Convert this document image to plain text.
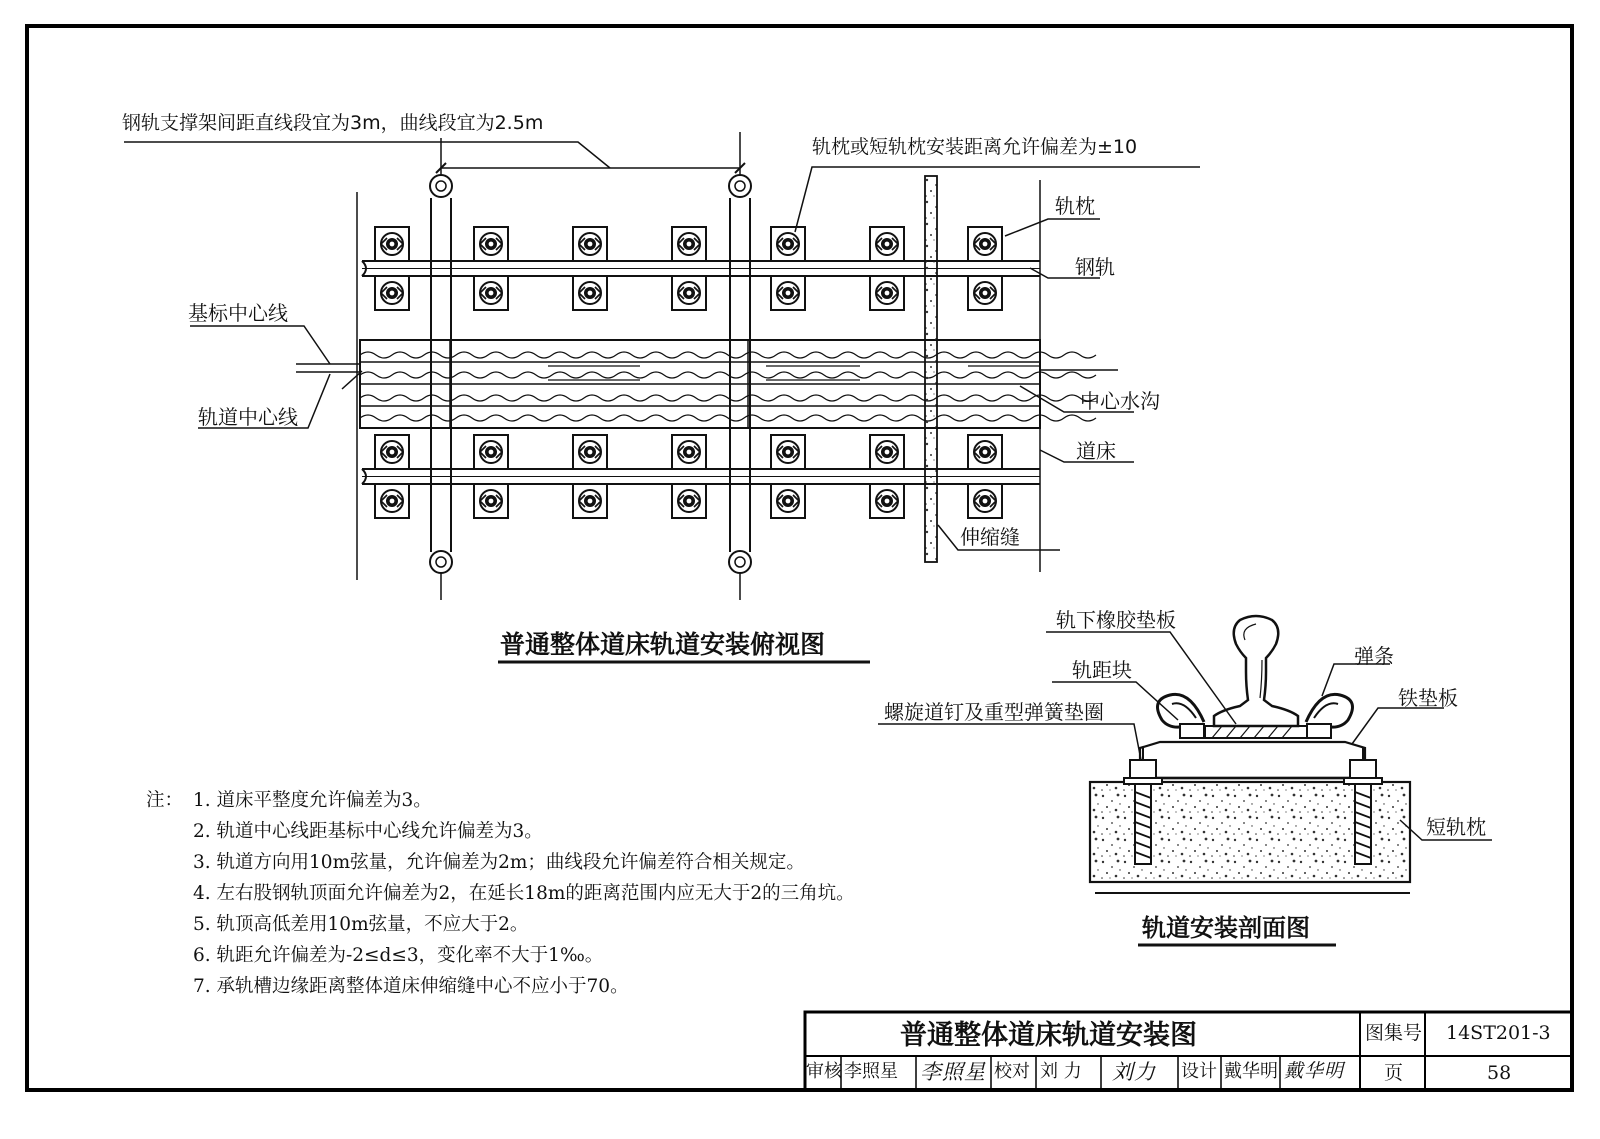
钢轨支撑架间距直线段宜为3m，曲线段宜为2.5m
轨枕或短轨枕安装距离允许偏差为±10
轨枕
钢轨
基标中心线
轨道中心线
中心水沟
道床
伸缩缝
普通整体道床轨道安装俯视图
轨下橡胶垫板
弹条
轨距块
铁垫板
螺旋道钉及重型弹簧垫圈
短轨枕
轨道安装剖面图
注： 1. 道床平整度允许偏差为3。
2. 轨道中心线距基标中心线允许偏差为3。
3. 轨道方向用10m弦量，允许偏差为2m；曲线段允许偏差符合相关规定。
4. 左右股钢轨顶面允许偏差为2，在延长18m的距离范围内应无大于2的三角坑。
5. 轨顶高低差用10m弦量，不应大于2。
6. 轨距允许偏差为-2≤d≤3，变化率不大于1‰。
7. 承轨槽边缘距离整体道床伸缩缝中心不应小于70。
普通整体道床轨道安装图	图集号 14ST201-3
审核 李照星 李照星 校对 刘 力 刘力 设计 戴华明 戴华明 页	58
